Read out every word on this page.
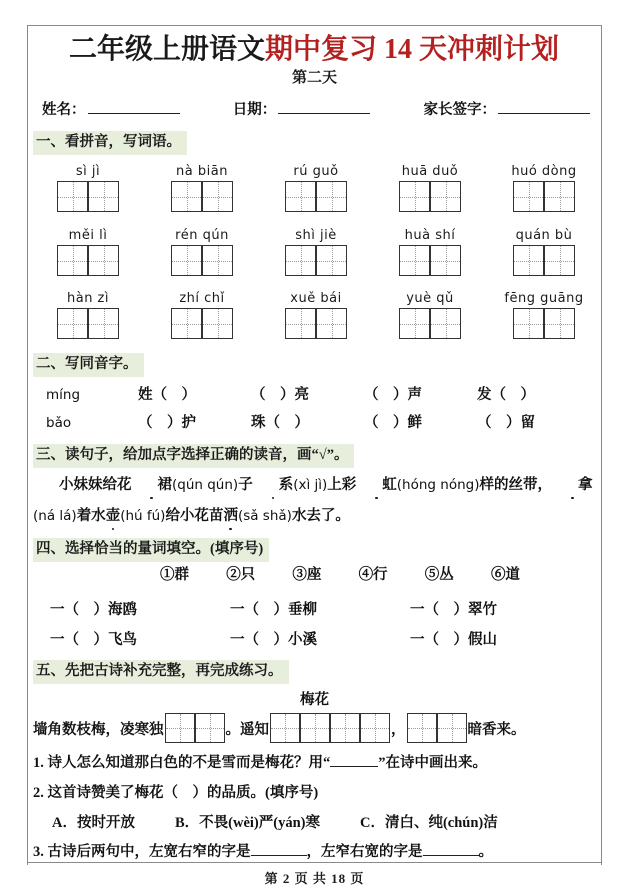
二年级上册语文期中复习 14 天冲刺计划
第二天
姓名：	日期：	家长签字：
一、看拼音，写词语。
sì jì	nà biān	rú guǒ	huā duǒ	huó dòng
měi lì	rén qún	shì jiè	huà shí	quán bù
hàn zì	zhí chǐ	xuě bái	yuè qǔ	fēng guāng
二、写同音字。
míng	姓（　）	（　）亮	（　）声	发（　）
bǎo	（　）护	珠（　）	（　）鲜	（　）留
三、读句子，给加点字选择正确的读音，画“√”。
小妹妹给花 裙(qún qún)子 系(xì jì)上彩 虹(hóng nóng)样的丝带， 拿
(ná lá)着水壶(hú fú)给小花苗洒(sǎ shǎ)水去了。
四、选择恰当的量词填空。(填序号)
①群	②只	③座	④行	⑤丛	⑥道
一（　）海鸥	一（　）垂柳	一（　）翠竹
一（　）飞鸟	一（　）小溪	一（　）假山
五、先把古诗补充完整，再完成练习。
梅花
墙角数枝梅，凌寒独	。遥知	，	暗香来。
1. 诗人怎么知道那白色的不是雪而是梅花？用“	”在诗中画出来。
2. 这首诗赞美了梅花（　）的品质。(填序号)
A．按时开放	B．不畏(wèi)严(yán)寒	C．清白、纯(chún)洁
3. 古诗后两句中，左宽右窄的字是	，左窄右宽的字是	。
第 2 页 共 18 页
